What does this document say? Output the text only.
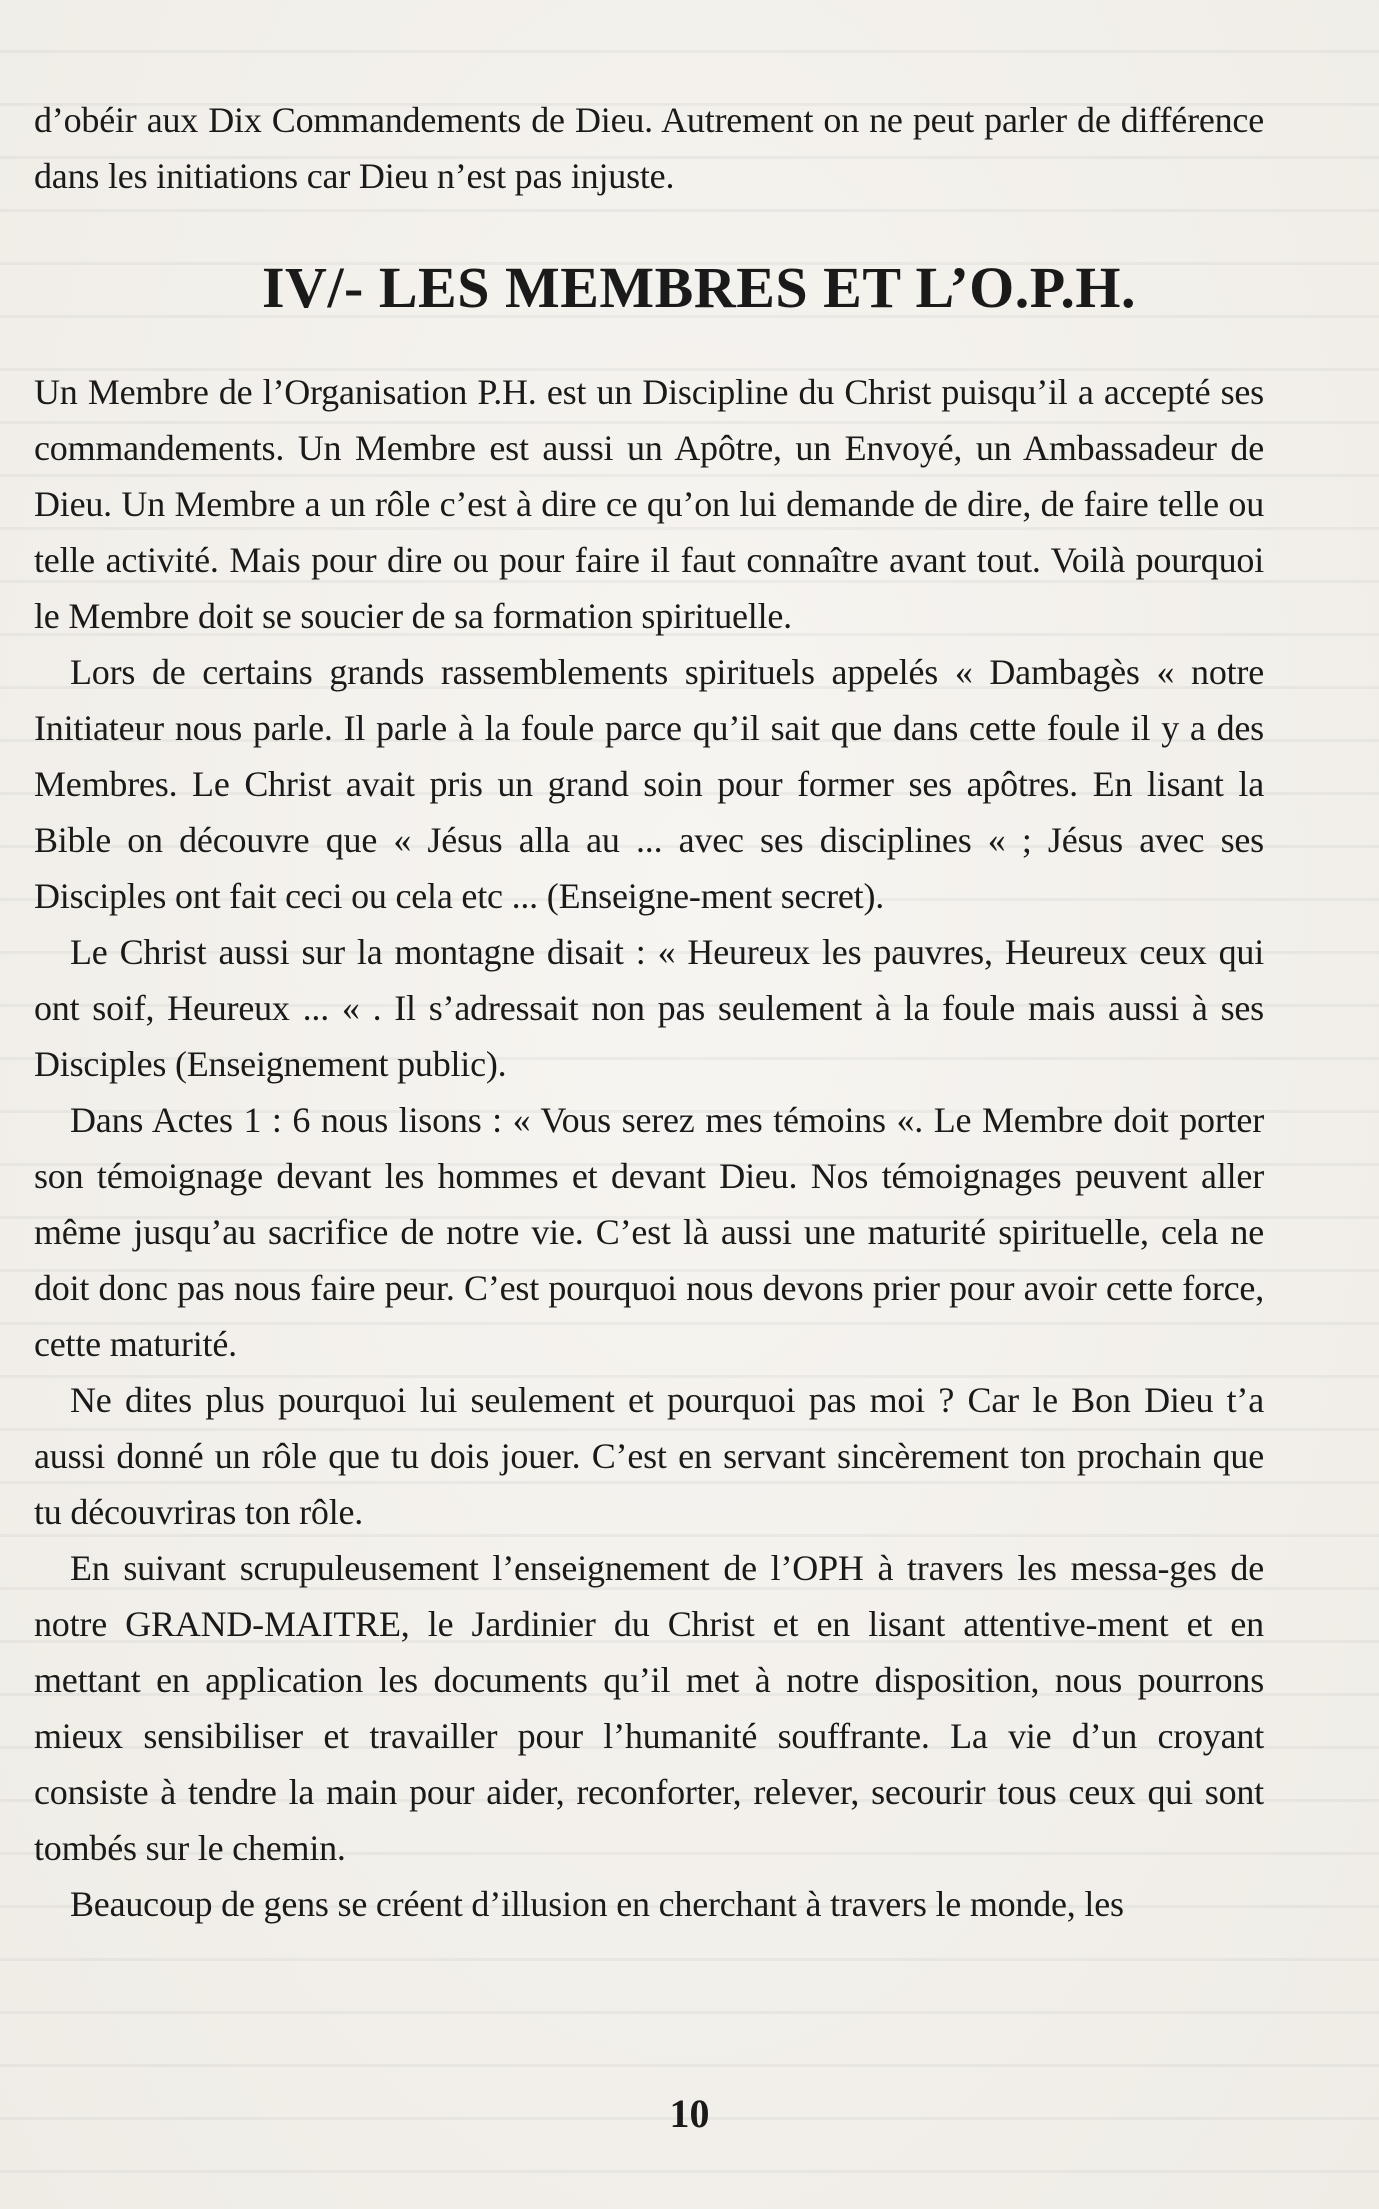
d’obéir aux Dix Commandements de Dieu. Autrement on ne peut parler de différence dans les initiations car Dieu n’est pas injuste.

IV/- LES MEMBRES ET L’O.P.H.

Un Membre de l’Organisation P.H. est un Discipline du Christ puisqu’il a accepté ses commandements. Un Membre est aussi un Apôtre, un Envoyé, un Ambassadeur de Dieu. Un Membre a un rôle c’est à dire ce qu’on lui demande de dire, de faire telle ou telle activité. Mais pour dire ou pour faire il faut connaître avant tout. Voilà pourquoi le Membre doit se soucier de sa formation spirituelle.

Lors de certains grands rassemblements spirituels appelés « Dambagès « notre Initiateur nous parle. Il parle à la foule parce qu’il sait que dans cette foule il y a des Membres. Le Christ avait pris un grand soin pour former ses apôtres. En lisant la Bible on découvre que « Jésus alla au ... avec ses disciplines « ; Jésus avec ses Disciples ont fait ceci ou cela etc ... (Enseigne-ment secret).

Le Christ aussi sur la montagne disait : « Heureux les pauvres, Heureux ceux qui ont soif, Heureux ... « . Il s’adressait non pas seulement à la foule mais aussi à ses Disciples (Enseignement public).

Dans Actes 1 : 6 nous lisons : « Vous serez mes témoins «. Le Membre doit porter son témoignage devant les hommes et devant Dieu. Nos témoignages peuvent aller même jusqu’au sacrifice de notre vie. C’est là aussi une maturité spirituelle, cela ne doit donc pas nous faire peur. C’est pourquoi nous devons prier pour avoir cette force, cette maturité.

Ne dites plus pourquoi lui seulement et pourquoi pas moi ? Car le Bon Dieu t’a aussi donné un rôle que tu dois jouer. C’est en servant sincèrement ton prochain que tu découvriras ton rôle.

En suivant scrupuleusement l’enseignement de l’OPH à travers les messa-ges de notre GRAND-MAITRE, le Jardinier du Christ et en lisant attentive-ment et en mettant en application les documents qu’il met à notre disposition, nous pourrons mieux sensibiliser et travailler pour l’humanité souffrante. La vie d’un croyant consiste à tendre la main pour aider, reconforter, relever, secourir tous ceux qui sont tombés sur le chemin.

Beaucoup de gens se créent d’illusion en cherchant à travers le monde, les

10
